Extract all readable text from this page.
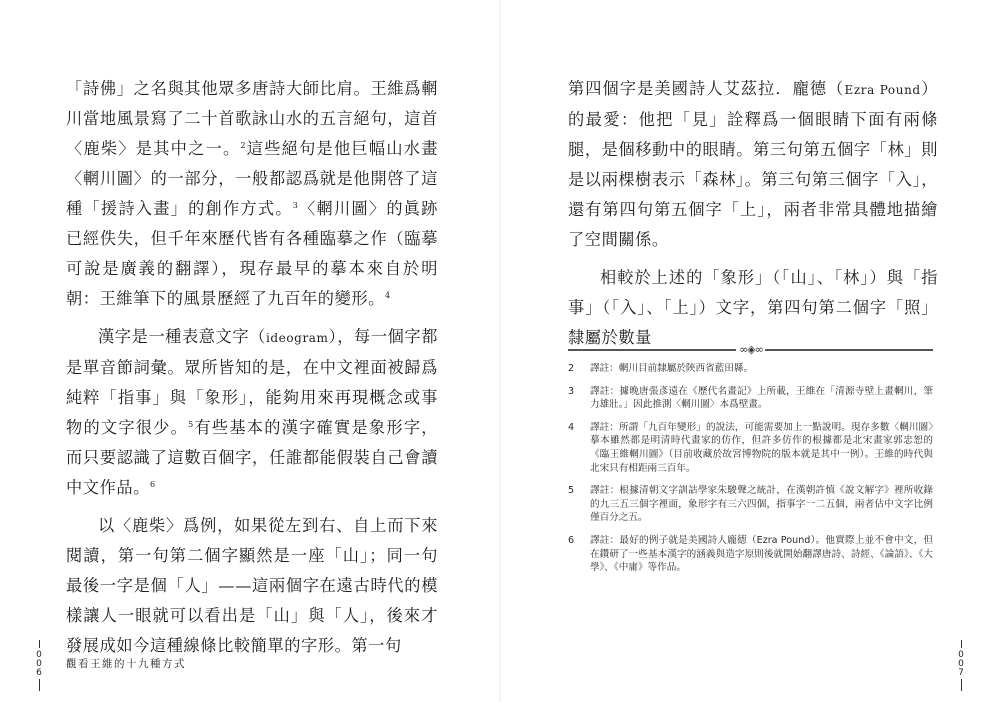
「詩佛」之名與其他眾多唐詩大師比肩。王維爲輞川當地風景寫了二十首歌詠山水的五言絕句，這首〈鹿柴〉是其中之一。$^2$這些絕句是他巨幅山水畫〈輞川圖〉的一部分，一般都認爲就是他開啓了這種「援詩入畫」的創作方式。$^3$〈輞川圖〉的眞跡已經佚失，但千年來歷代皆有各種臨摹之作（臨摹可說是廣義的翻譯），現存最早的摹本來自於明朝：王維筆下的風景歷經了九百年的變形。$^4$

漢字是一種表意文字（ideogram），每一個字都是單音節詞彙。眾所皆知的是，在中文裡面被歸爲純粹「指事」與「象形」，能夠用來再現概念或事物的文字很少。$^5$有些基本的漢字確實是象形字，而只要認識了這數百個字，任誰都能假裝自己會讀中文作品。$^6$

以〈鹿柴〉爲例，如果從左到右、自上而下來閱讀，第一句第二個字顯然是一座「山」；同一句最後一字是個「人」——這兩個字在遠古時代的模樣讓人一眼就可以看出是「山」與「人」，後來才發展成如今這種線條比較簡單的字形。第一句

006 觀看王維的十九種方式

第四個字是美國詩人艾茲拉．龐德（Ezra Pound）的最愛：他把「見」詮釋爲一個眼睛下面有兩條腿，是個移動中的眼睛。第三句第五個字「林」則是以兩棵樹表示「森林」。第三句第三個字「入」，還有第四句第五個字「上」，兩者非常具體地描繪了空間關係。

相較於上述的「象形」（「山」、「林」）與「指事」（「入」、「上」）文字，第四句第二個字「照」隸屬於數量

∞◈∞
2	譯註：輞川目前隸屬於陝西省藍田縣。
3	譯註：據晚唐張彥遠在《歷代名畫記》上所載，王維在「清源寺壁上畫輞川，筆力雄壯。」因此推測〈輞川圖〉本爲壁畫。
4	譯註：所謂「九百年變形」的說法，可能需要加上一點說明。現存多數〈輞川圖〉摹本雖然都是明清時代畫家的仿作，但許多仿作的根據都是北宋畫家郭忠恕的《臨王維輞川圖》（目前收藏於故宮博物院的版本就是其中一例）。王維的時代與北宋只有相距兩三百年。
5	譯註：根據清朝文字訓詁學家朱駿聲之統計，在漢朝許慎《說文解字》裡所收錄的九三五三個字裡面，象形字有三六四個，指事字一二五個，兩者佔中文字比例僅百分之五。
6	譯註：最好的例子就是美國詩人龐德（Ezra Pound）。他實際上並不會中文，但在鑽研了一些基本漢字的涵義與造字原則後就開始翻譯唐詩、詩經、《論語》、《大學》、《中庸》等作品。
007
